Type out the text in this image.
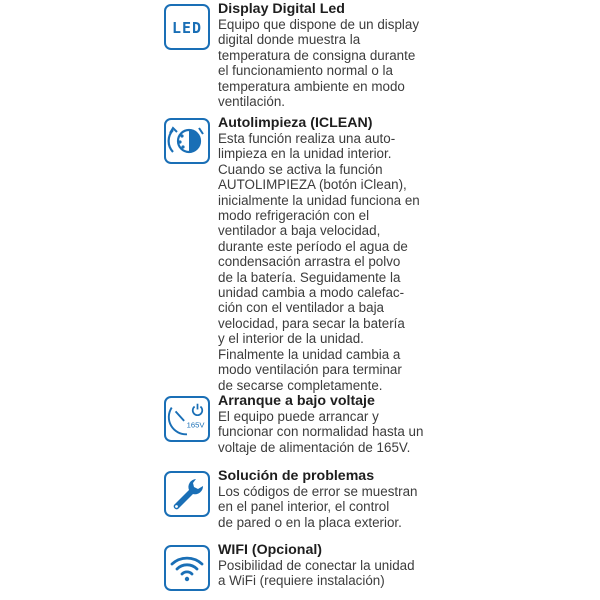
LED
Display Digital Led
Equipo que dispone de un display
digital donde muestra la
temperatura de consigna durante
el funcionamiento normal o la
temperatura ambiente en modo
ventilación.
Autolimpieza (ICLEAN)
Esta función realiza una auto-
limpieza en la unidad interior.
Cuando se activa la función
AUTOLIMPIEZA (botón iClean),
inicialmente la unidad funciona en
modo refrigeración con el
ventilador a baja velocidad,
durante este período el agua de
condensación arrastra el polvo
de la batería. Seguidamente la
unidad cambia a modo calefac-
ción con el ventilador a baja
velocidad, para secar la batería
y el interior de la unidad.
Finalmente la unidad cambia a
modo ventilación para terminar
de secarse completamente.
165V
Arranque a bajo voltaje
El equipo puede arrancar y
funcionar con normalidad hasta un
voltaje de alimentación de 165V.
Solución de problemas
Los códigos de error se muestran
en el panel interior, el control
de pared o en la placa exterior.
WIFI (Opcional)
Posibilidad de conectar la unidad
a WiFi (requiere instalación)
